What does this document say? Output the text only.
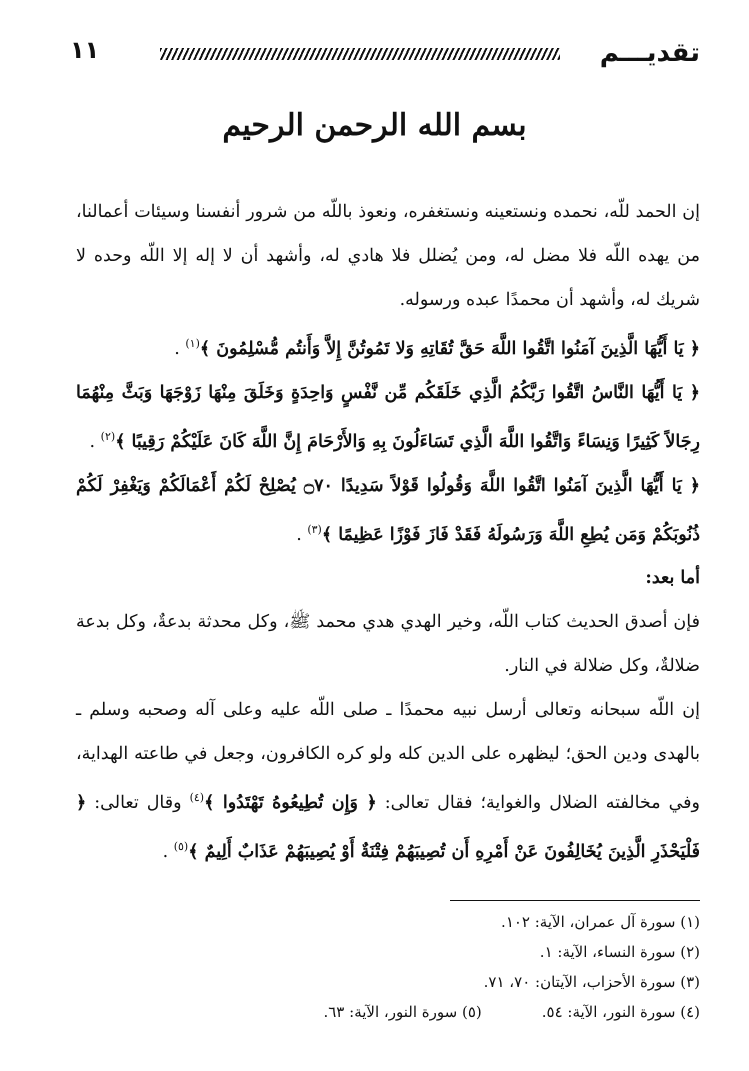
تقديـــم
١١
بسم الله الرحمن الرحيم

إن الحمد للّه، نحمده ونستعينه ونستغفره، ونعوذ باللّه من شرور أنفسنا وسيئات أعمالنا، من يهده اللّه فلا مضل له، ومن يُضلل فلا هادي له، وأشهد أن لا إله إلا اللّه وحده لا شريك له، وأشهد أن محمدًا عبده ورسوله.

﴿ يَا أَيُّهَا الَّذِينَ آمَنُوا اتَّقُوا اللَّهَ حَقَّ تُقَاتِهِ وَلا تَمُوتُنَّ إِلاَّ وَأَنتُم مُّسْلِمُونَ ﴾$^{(١)}$ .

﴿ يَا أَيُّهَا النَّاسُ اتَّقُوا رَبَّكُمُ الَّذِي خَلَقَكُم مِّن نَّفْسٍ وَاحِدَةٍ وَخَلَقَ مِنْهَا زَوْجَهَا وَبَثَّ مِنْهُمَا رِجَالاً كَثِيرًا وَنِسَاءً وَاتَّقُوا اللَّهَ الَّذِي تَسَاءَلُونَ بِهِ وَالأَرْحَامَ إِنَّ اللَّهَ كَانَ عَلَيْكُمْ رَقِيبًا ﴾$^{(٢)}$ .

﴿ يَا أَيُّهَا الَّذِينَ آمَنُوا اتَّقُوا اللَّهَ وَقُولُوا قَوْلاً سَدِيدًا ۝٧٠ يُصْلِحْ لَكُمْ أَعْمَالَكُمْ وَيَغْفِرْ لَكُمْ ذُنُوبَكُمْ وَمَن يُطِعِ اللَّهَ وَرَسُولَهُ فَقَدْ فَازَ فَوْزًا عَظِيمًا ﴾$^{(٣)}$ .

أما بعد:

فإن أصدق الحديث كتاب اللّه، وخير الهدي هدي محمد ﷺ، وكل محدثة بدعةٌ، وكل بدعة ضلالةٌ، وكل ضلالة في النار.

إن اللّه سبحانه وتعالى أرسل نبيه محمدًا ـ صلى اللّه عليه وعلى آله وصحبه وسلم ـ بالهدى ودين الحق؛ ليظهره على الدين كله ولو كره الكافرون، وجعل في طاعته الهداية، وفي مخالفته الضلال والغواية؛ فقال تعالى: ﴿ وَإِن تُطِيعُوهُ تَهْتَدُوا ﴾$^{(٤)}$ وقال تعالى: ﴿ فَلْيَحْذَرِ الَّذِينَ يُخَالِفُونَ عَنْ أَمْرِهِ أَن تُصِيبَهُمْ فِتْنَةٌ أَوْ يُصِيبَهُمْ عَذَابٌ أَلِيمٌ ﴾$^{(٥)}$ .

(١) سورة آل عمران، الآية: ١٠٢.
(٢) سورة النساء، الآية: ١.
(٣) سورة الأحزاب، الآيتان: ٧٠، ٧١.
(٤) سورة النور، الآية: ٥٤.
(٥) سورة النور، الآية: ٦٣.
